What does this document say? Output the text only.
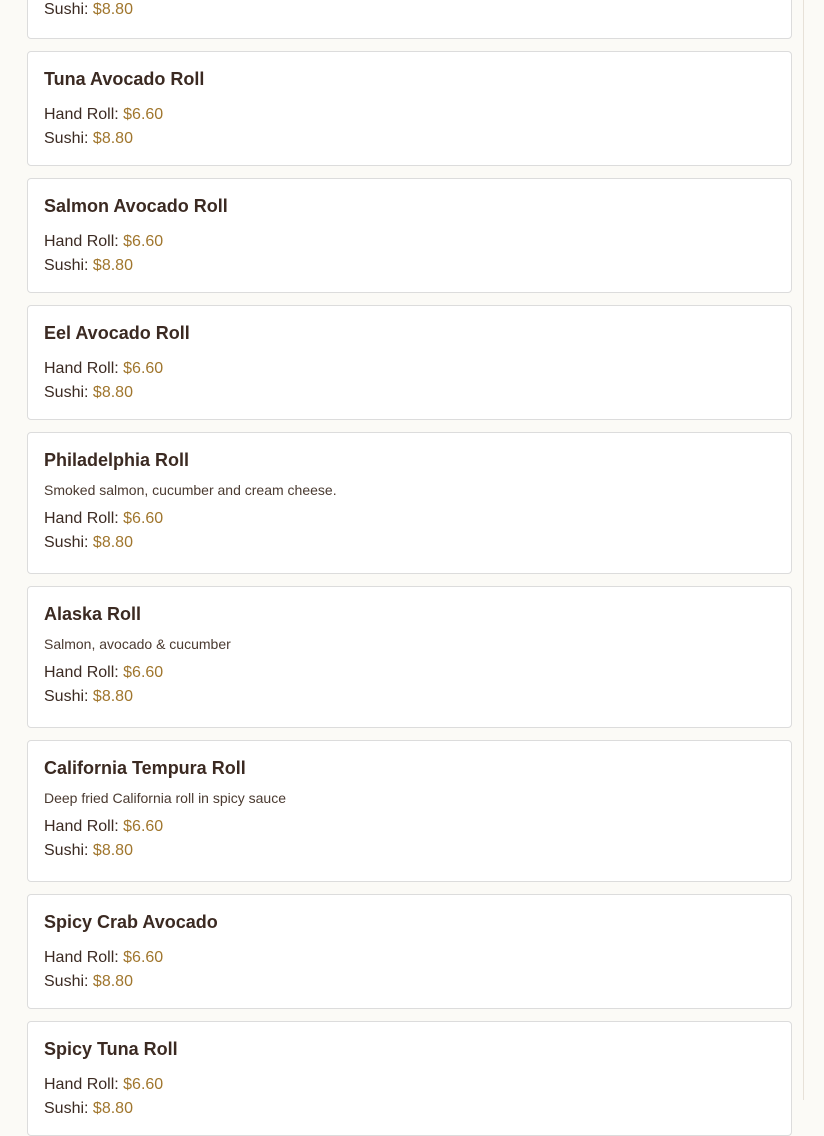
Sushi: $8.80
Tuna Avocado Roll
Hand Roll: $6.60
Sushi: $8.80
Salmon Avocado Roll
Hand Roll: $6.60
Sushi: $8.80
Eel Avocado Roll
Hand Roll: $6.60
Sushi: $8.80
Philadelphia Roll
Smoked salmon, cucumber and cream cheese.
Hand Roll: $6.60
Sushi: $8.80
Alaska Roll
Salmon, avocado & cucumber
Hand Roll: $6.60
Sushi: $8.80
California Tempura Roll
Deep fried California roll in spicy sauce
Hand Roll: $6.60
Sushi: $8.80
Spicy Crab Avocado
Hand Roll: $6.60
Sushi: $8.80
Spicy Tuna Roll
Hand Roll: $6.60
Sushi: $8.80
